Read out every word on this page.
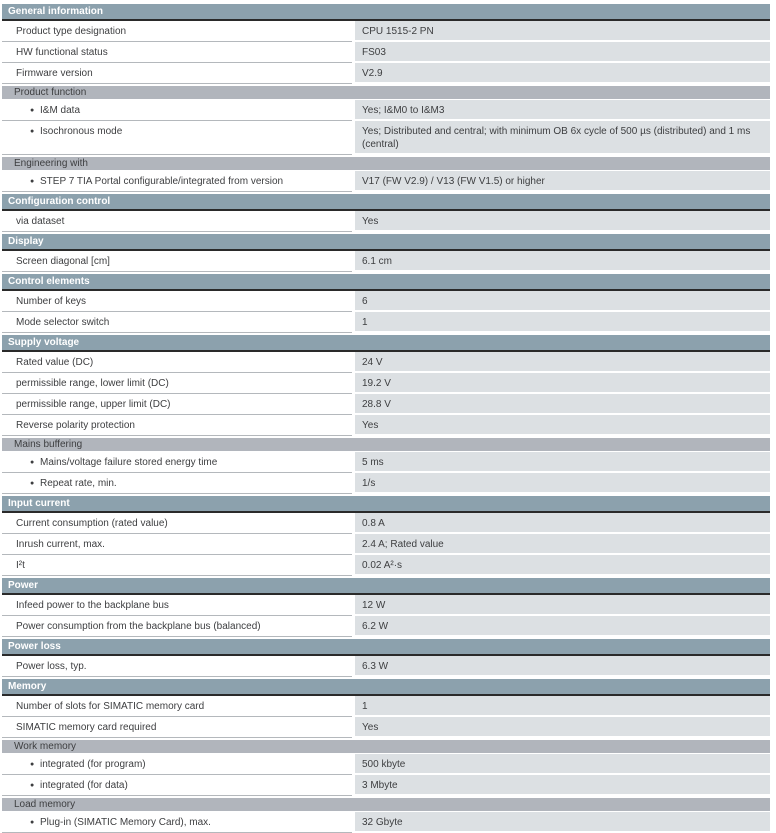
General information
Product type designation	CPU 1515-2 PN
HW functional status	FS03
Firmware version	V2.9
Product function
● I&M data	Yes; I&M0 to I&M3
● Isochronous mode	Yes; Distributed and central; with minimum OB 6x cycle of 500 µs (distributed) and 1 ms (central)
Engineering with
● STEP 7 TIA Portal configurable/integrated from version	V17 (FW V2.9) / V13 (FW V1.5) or higher
Configuration control
via dataset	Yes
Display
Screen diagonal [cm]	6.1 cm
Control elements
Number of keys	6
Mode selector switch	1
Supply voltage
Rated value (DC)	24 V
permissible range, lower limit (DC)	19.2 V
permissible range, upper limit (DC)	28.8 V
Reverse polarity protection	Yes
Mains buffering
● Mains/voltage failure stored energy time	5 ms
● Repeat rate, min.	1/s
Input current
Current consumption (rated value)	0.8 A
Inrush current, max.	2.4 A; Rated value
I²t	0.02 A²·s
Power
Infeed power to the backplane bus	12 W
Power consumption from the backplane bus (balanced)	6.2 W
Power loss
Power loss, typ.	6.3 W
Memory
Number of slots for SIMATIC memory card	1
SIMATIC memory card required	Yes
Work memory
● integrated (for program)	500 kbyte
● integrated (for data)	3 Mbyte
Load memory
● Plug-in (SIMATIC Memory Card), max.	32 Gbyte
